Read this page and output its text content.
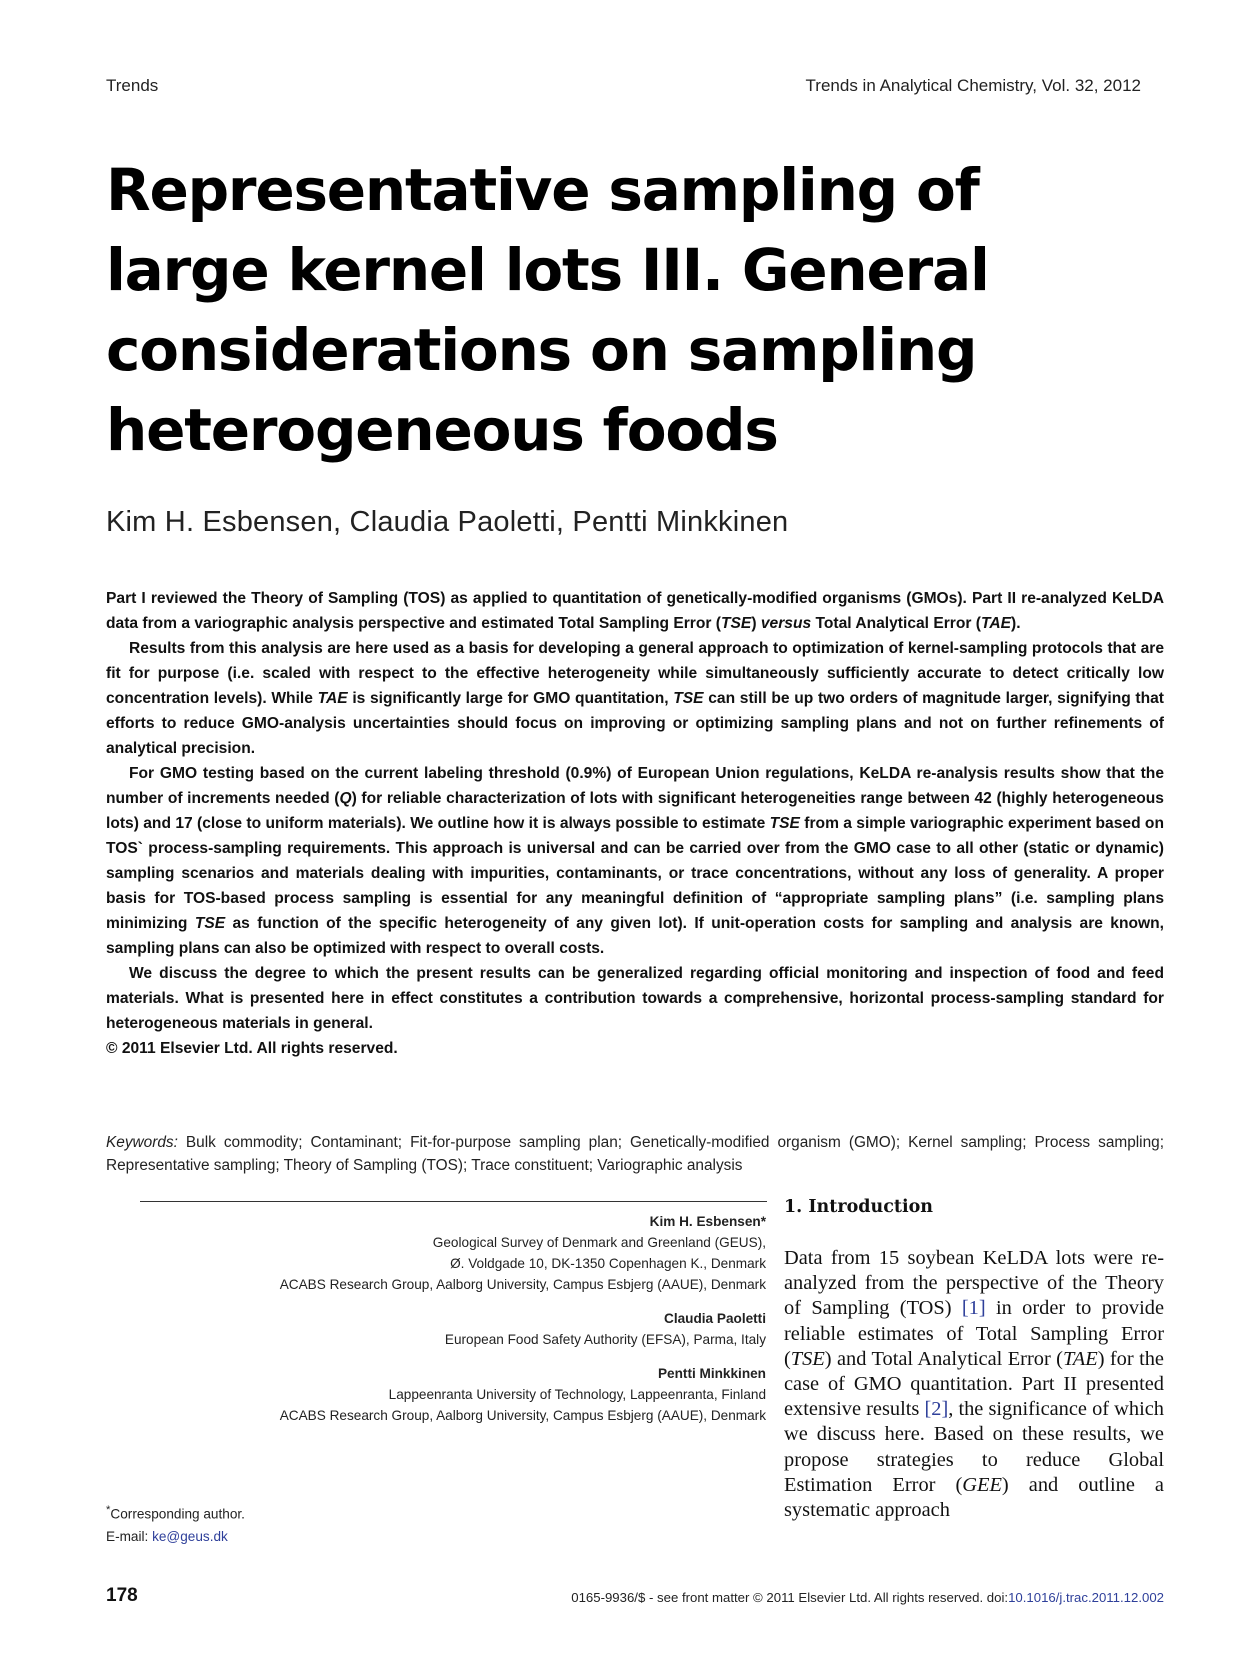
Trends	Trends in Analytical Chemistry, Vol. 32, 2012
Representative sampling of large kernel lots III. General considerations on sampling heterogeneous foods
Kim H. Esbensen, Claudia Paoletti, Pentti Minkkinen

Part I reviewed the Theory of Sampling (TOS) as applied to quantitation of genetically-modified organisms (GMOs). Part II re-analyzed KeLDA data from a variographic analysis perspective and estimated Total Sampling Error (TSE) versus Total Analytical Error (TAE).

Results from this analysis are here used as a basis for developing a general approach to optimization of kernel-sampling protocols that are fit for purpose (i.e. scaled with respect to the effective heterogeneity while simultaneously sufficiently accurate to detect critically low concentration levels). While TAE is significantly large for GMO quantitation, TSE can still be up two orders of magnitude larger, signifying that efforts to reduce GMO-analysis uncertainties should focus on improving or optimizing sampling plans and not on further refinements of analytical precision.

For GMO testing based on the current labeling threshold (0.9%) of European Union regulations, KeLDA re-analysis results show that the number of increments needed (Q) for reliable characterization of lots with significant heterogeneities range between 42 (highly heterogeneous lots) and 17 (close to uniform materials). We outline how it is always possible to estimate TSE from a simple variographic experiment based on TOS` process-sampling requirements. This approach is universal and can be carried over from the GMO case to all other (static or dynamic) sampling scenarios and materials dealing with impurities, contaminants, or trace concentrations, without any loss of generality. A proper basis for TOS-based process sampling is essential for any meaningful definition of “appropriate sampling plans” (i.e. sampling plans minimizing TSE as function of the specific heterogeneity of any given lot). If unit-operation costs for sampling and analysis are known, sampling plans can also be optimized with respect to overall costs.

We discuss the degree to which the present results can be generalized regarding official monitoring and inspection of food and feed materials. What is presented here in effect constitutes a contribution towards a comprehensive, horizontal process-sampling standard for heterogeneous materials in general.

© 2011 Elsevier Ltd. All rights reserved.

Keywords: Bulk commodity; Contaminant; Fit-for-purpose sampling plan; Genetically-modified organism (GMO); Kernel sampling; Process sampling; Representative sampling; Theory of Sampling (TOS); Trace constituent; Variographic analysis
Kim H. Esbensen*
Geological Survey of Denmark and Greenland (GEUS),
Ø. Voldgade 10, DK-1350 Copenhagen K., Denmark
ACABS Research Group, Aalborg University, Campus Esbjerg (AAUE), Denmark
Claudia Paoletti
European Food Safety Authority (EFSA), Parma, Italy
Pentti Minkkinen
Lappeenranta University of Technology, Lappeenranta, Finland
ACABS Research Group, Aalborg University, Campus Esbjerg (AAUE), Denmark
*Corresponding author.
E-mail: ke@geus.dk
1. Introduction

Data from 15 soybean KeLDA lots were re-analyzed from the perspective of the Theory of Sampling (TOS) [1] in order to provide reliable estimates of Total Sampling Error (TSE) and Total Analytical Error (TAE) for the case of GMO quantitation. Part II presented extensive results [2], the significance of which we discuss here. Based on these results, we propose strategies to reduce Global Estimation Error (GEE) and outline a systematic approach

178	0165-9936/$ - see front matter © 2011 Elsevier Ltd. All rights reserved. doi:10.1016/j.trac.2011.12.002
